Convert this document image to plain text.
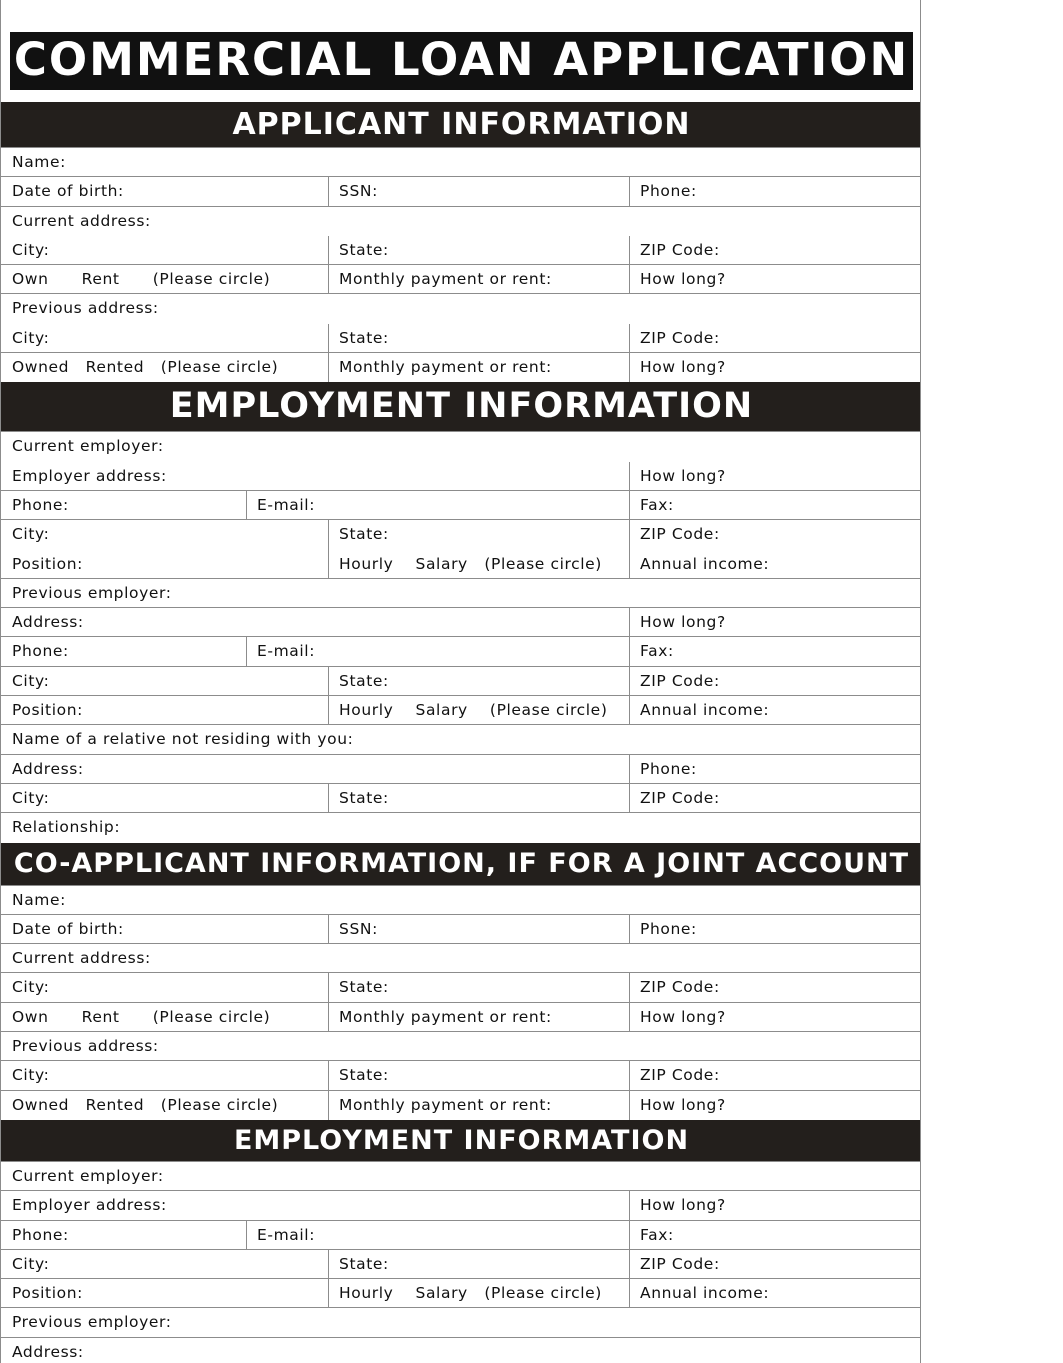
COMMERCIAL LOAN APPLICATION
APPLICANT INFORMATION
Name:
Date of birth:	SSN:	Phone:
Current address:
City:	State:	ZIP Code:
Own      Rent      (Please circle)	Monthly payment or rent:	How long?
Previous address:
City:	State:	ZIP Code:
Owned   Rented   (Please circle)	Monthly payment or rent:	How long?
EMPLOYMENT INFORMATION
Current employer:
Employer address:	How long?
Phone:	E-mail:	Fax:
City:	State:	ZIP Code:
Position:	Hourly    Salary   (Please circle)	Annual income:
Previous employer:
Address:	How long?
Phone:	E-mail:	Fax:
City:	State:	ZIP Code:
Position:	Hourly    Salary    (Please circle)	Annual income:
Name of a relative not residing with you:
Address:	Phone:
City:	State:	ZIP Code:
Relationship:
CO-APPLICANT INFORMATION, IF FOR A JOINT ACCOUNT
Name:
Date of birth:	SSN:	Phone:
Current address:
City:	State:	ZIP Code:
Own      Rent      (Please circle)	Monthly payment or rent:	How long?
Previous address:
City:	State:	ZIP Code:
Owned   Rented   (Please circle)	Monthly payment or rent:	How long?
EMPLOYMENT INFORMATION
Current employer:
Employer address:	How long?
Phone:	E-mail:	Fax:
City:	State:	ZIP Code:
Position:	Hourly    Salary   (Please circle)	Annual income:
Previous employer:
Address:
